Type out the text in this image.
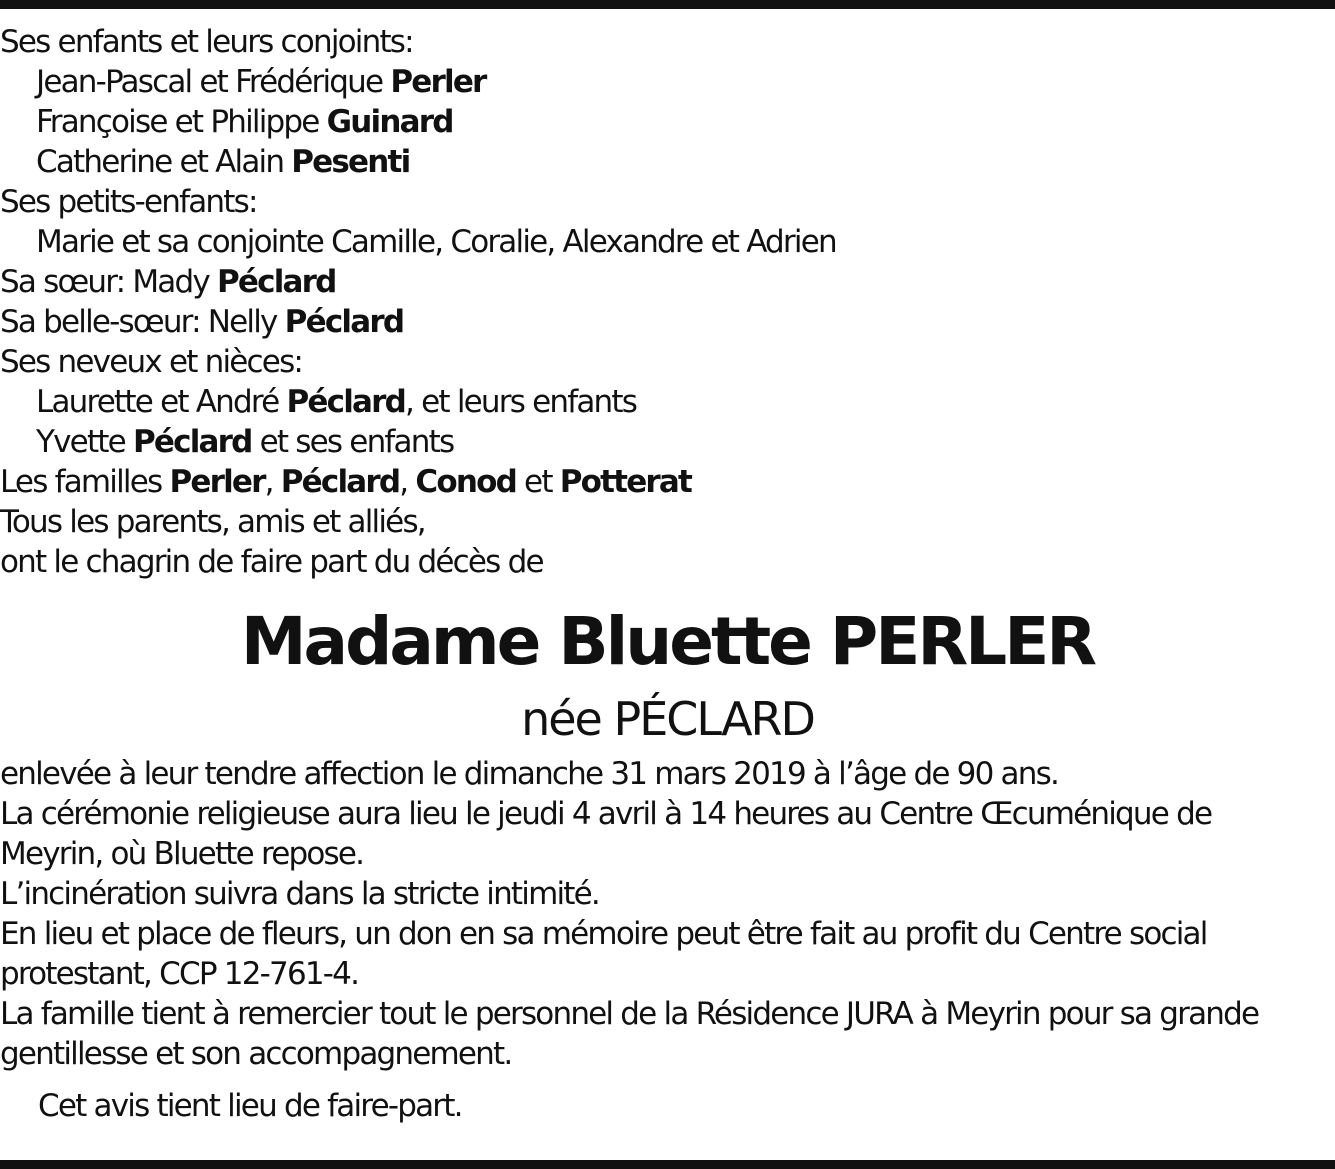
Ses enfants et leurs conjoints:
Jean-Pascal et Frédérique Perler
Françoise et Philippe Guinard
Catherine et Alain Pesenti
Ses petits-enfants:
Marie et sa conjointe Camille, Coralie, Alexandre et Adrien
Sa sœur: Mady Péclard
Sa belle-sœur: Nelly Péclard
Ses neveux et nièces:
Laurette et André Péclard, et leurs enfants
Yvette Péclard et ses enfants
Les familles Perler, Péclard, Conod et Potterat
Tous les parents, amis et alliés,
ont le chagrin de faire part du décès de
Madame Bluette PERLER
née PÉCLARD
enlevée à leur tendre affection le dimanche 31 mars 2019 à l’âge de 90 ans.
La cérémonie religieuse aura lieu le jeudi 4 avril à 14 heures au Centre Œcuménique de
Meyrin, où Bluette repose.
L’incinération suivra dans la stricte intimité.
En lieu et place de fleurs, un don en sa mémoire peut être fait au profit du Centre social
protestant, CCP 12-761-4.
La famille tient à remercier tout le personnel de la Résidence JURA à Meyrin pour sa grande
gentillesse et son accompagnement.
Cet avis tient lieu de faire-part.
